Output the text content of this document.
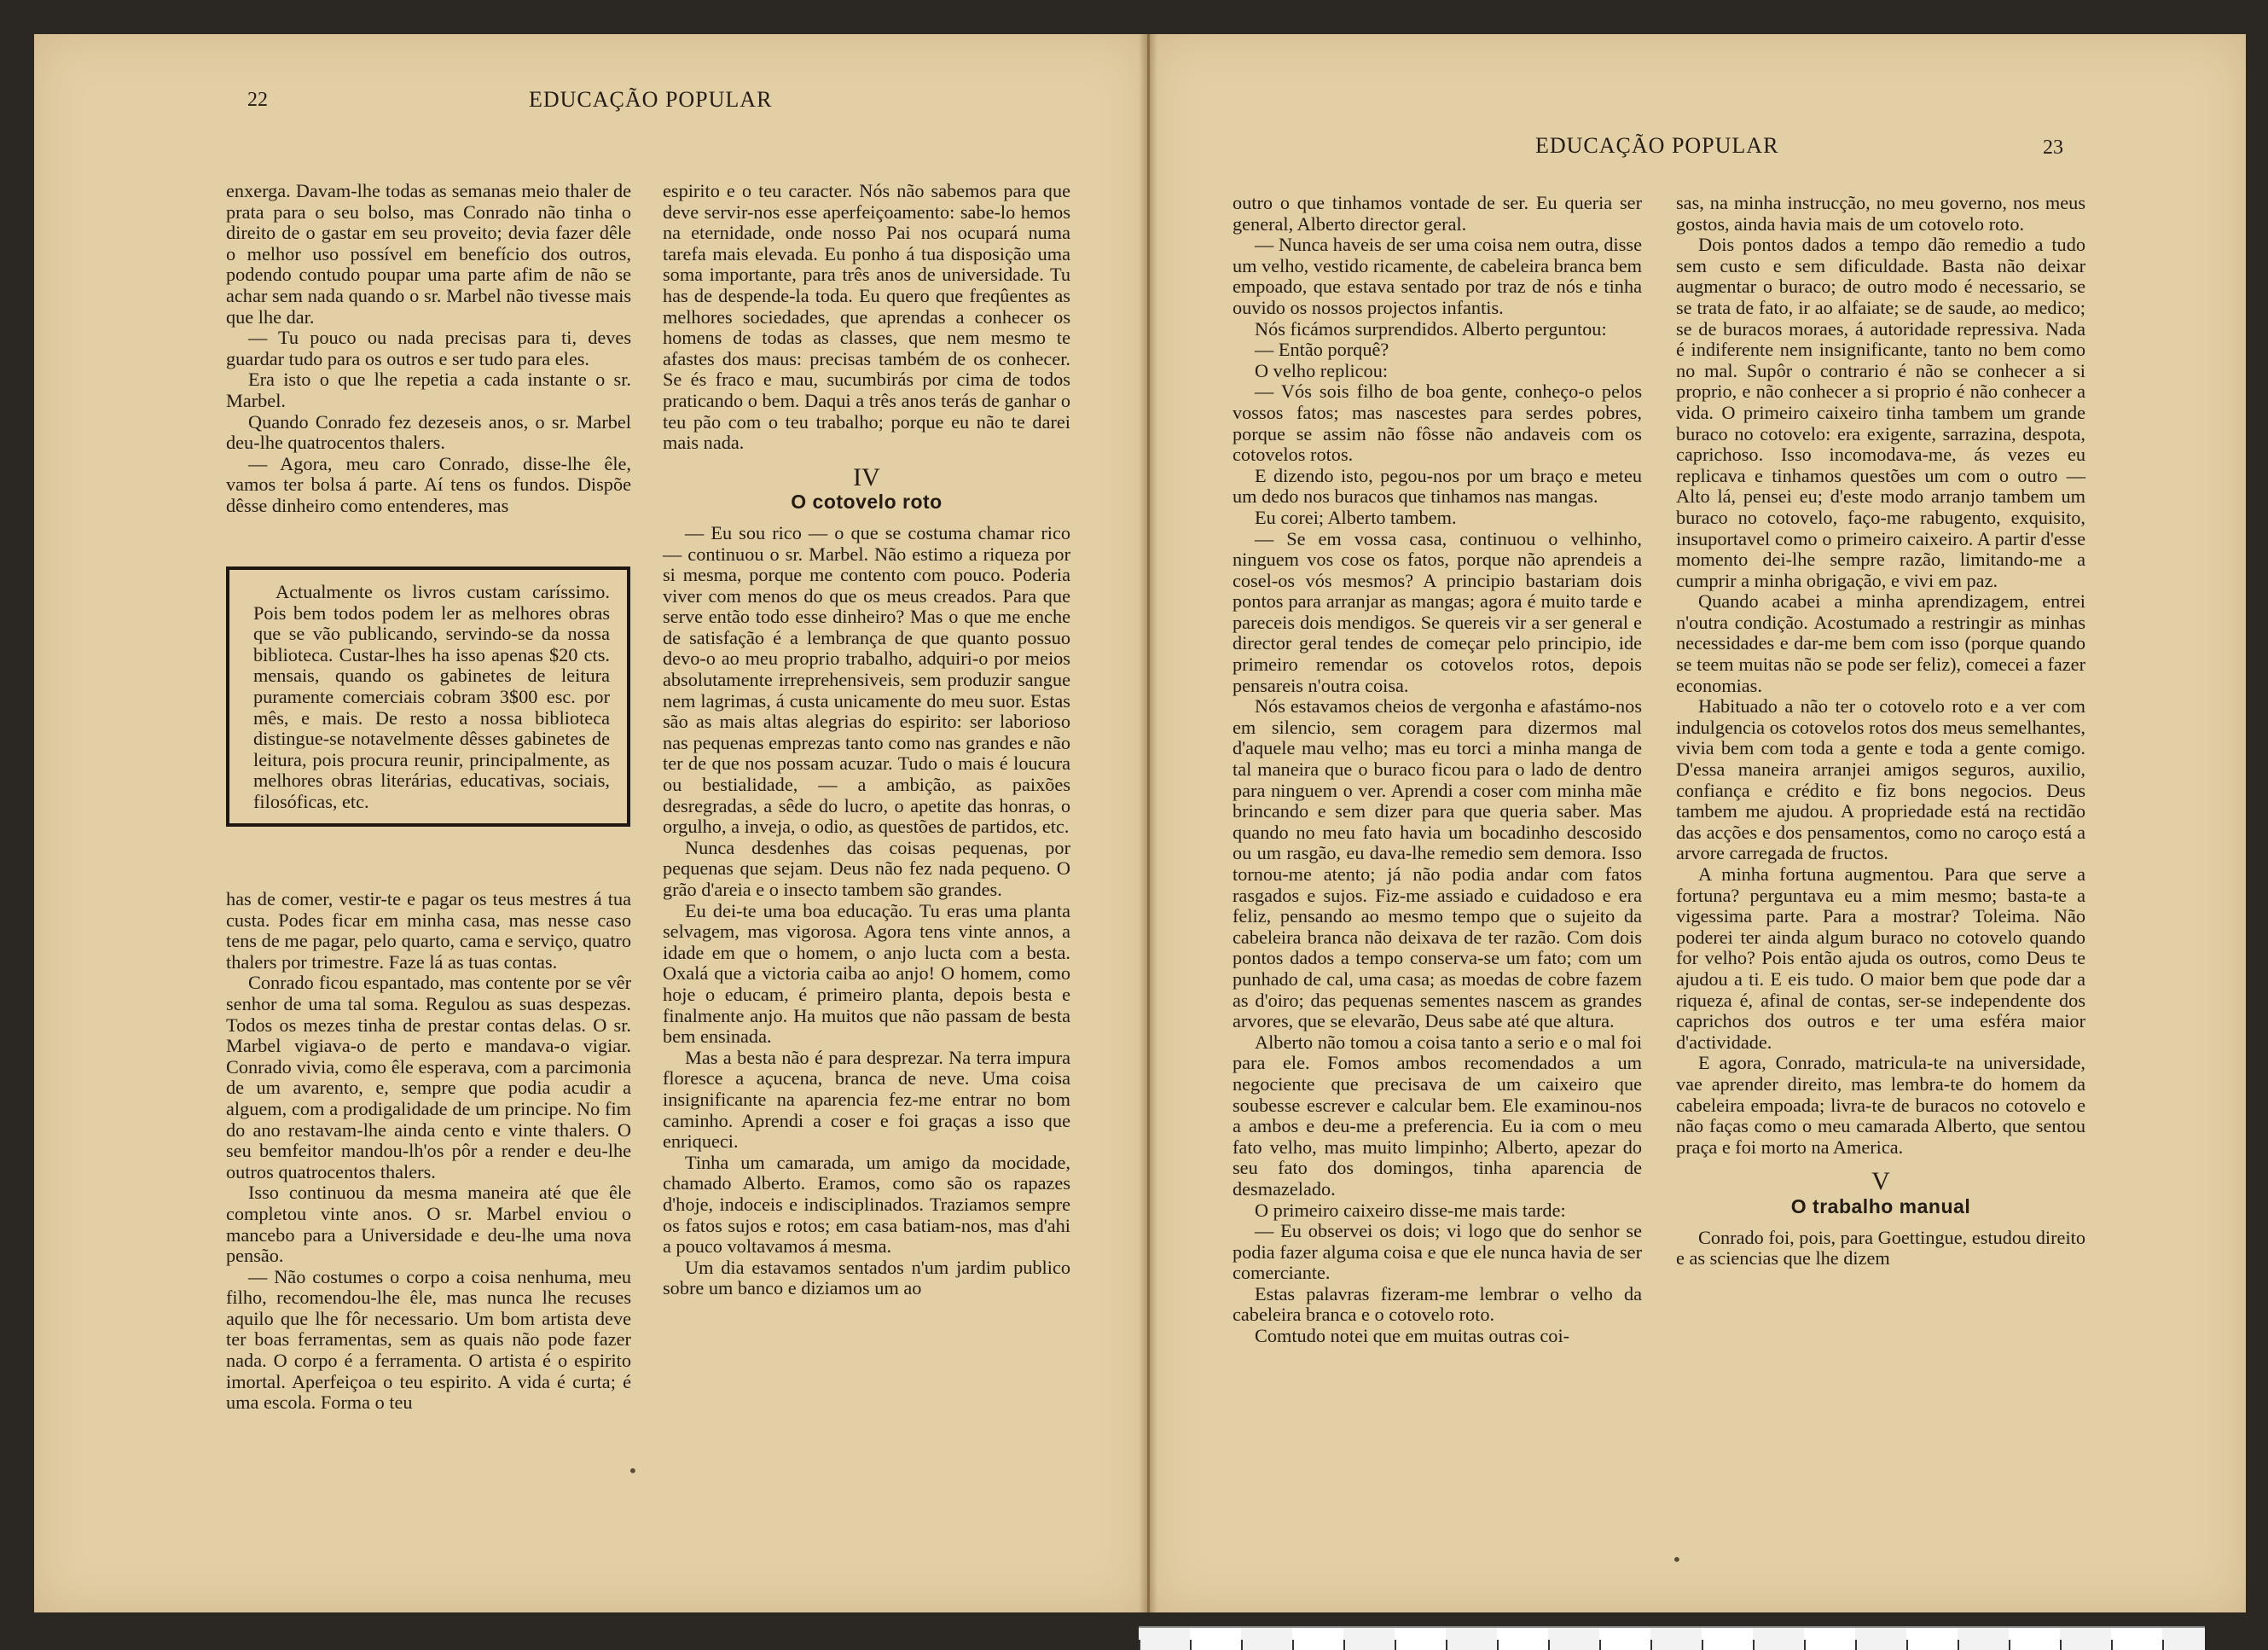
22	EDUCAÇÃO POPULAR

enxerga. Davam-lhe todas as semanas meio thaler de prata para o seu bolso, mas Conrado não tinha o direito de o gastar em seu proveito; devia fazer dêle o melhor uso possível em benefício dos outros, podendo contudo poupar uma parte afim de não se achar sem nada quando o sr. Marbel não tivesse mais que lhe dar.

— Tu pouco ou nada precisas para ti, deves guardar tudo para os outros e ser tudo para eles.

Era isto o que lhe repetia a cada instante o sr. Marbel.

Quando Conrado fez dezeseis anos, o sr. Marbel deu-lhe quatrocentos thalers.

— Agora, meu caro Conrado, disse-lhe êle, vamos ter bolsa á parte. Aí tens os fundos. Dispõe dêsse dinheiro como entenderes, mas

Actualmente os livros custam caríssimo. Pois bem todos podem ler as melhores obras que se vão publicando, servindo-se da nossa biblioteca. Custar-lhes ha isso apenas $20 cts. mensais, quando os gabinetes de leitura puramente comerciais cobram 3$00 esc. por mês, e mais. De resto a nossa biblioteca distingue-se notavelmente dêsses gabinetes de leitura, pois procura reunir, principalmente, as melhores obras literárias, educativas, sociais, filosóficas, etc.

has de comer, vestir-te e pagar os teus mestres á tua custa. Podes ficar em minha casa, mas nesse caso tens de me pagar, pelo quarto, cama e serviço, quatro thalers por trimestre. Faze lá as tuas contas.

Conrado ficou espantado, mas contente por se vêr senhor de uma tal soma. Regulou as suas despezas. Todos os mezes tinha de prestar contas delas. O sr. Marbel vigiava-o de perto e mandava-o vigiar. Conrado vivia, como êle esperava, com a parcimonia de um avarento, e, sempre que podia acudir a alguem, com a prodigalidade de um principe. No fim do ano restavam-lhe ainda cento e vinte thalers. O seu bemfeitor mandou-lh'os pôr a render e deu-lhe outros quatrocentos thalers.

Isso continuou da mesma maneira até que êle completou vinte anos. O sr. Marbel enviou o mancebo para a Universidade e deu-lhe uma nova pensão.

— Não costumes o corpo a coisa nenhuma, meu filho, recomendou-lhe êle, mas nunca lhe recuses aquilo que lhe fôr necessario. Um bom artista deve ter boas ferramentas, sem as quais não pode fazer nada. O corpo é a ferramenta. O artista é o espirito imortal. Aperfeiçoa o teu espirito. A vida é curta; é uma escola. Forma o teu

espirito e o teu caracter. Nós não sabemos para que deve servir-nos esse aperfeiçoamento: sabe-lo hemos na eternidade, onde nosso Pai nos ocupará numa tarefa mais elevada. Eu ponho á tua disposição uma soma importante, para três anos de universidade. Tu has de despende-la toda. Eu quero que freqûentes as melhores sociedades, que aprendas a conhecer os homens de todas as classes, que nem mesmo te afastes dos maus: precisas também de os conhecer. Se és fraco e mau, sucumbirás por cima de todos praticando o bem. Daqui a três anos terás de ganhar o teu pão com o teu trabalho; porque eu não te darei mais nada.

IV
O cotovelo roto

— Eu sou rico — o que se costuma chamar rico — continuou o sr. Marbel. Não estimo a riqueza por si mesma, porque me contento com pouco. Poderia viver com menos do que os meus creados. Para que serve então todo esse dinheiro? Mas o que me enche de satisfação é a lembrança de que quanto possuo devo-o ao meu proprio trabalho, adquiri-o por meios absolutamente irreprehensiveis, sem produzir sangue nem lagrimas, á custa unicamente do meu suor. Estas são as mais altas alegrias do espirito: ser laborioso nas pequenas emprezas tanto como nas grandes e não ter de que nos possam acuzar. Tudo o mais é loucura ou bestialidade, — a ambição, as paixões desregradas, a sêde do lucro, o apetite das honras, o orgulho, a inveja, o odio, as questões de partidos, etc.

Nunca desdenhes das coisas pequenas, por pequenas que sejam. Deus não fez nada pequeno. O grão d'areia e o insecto tambem são grandes.

Eu dei-te uma boa educação. Tu eras uma planta selvagem, mas vigorosa. Agora tens vinte annos, a idade em que o homem, o anjo lucta com a besta. Oxalá que a victoria caiba ao anjo! O homem, como hoje o educam, é primeiro planta, depois besta e finalmente anjo. Ha muitos que não passam de besta bem ensinada.

Mas a besta não é para desprezar. Na terra impura floresce a açucena, branca de neve. Uma coisa insignificante na aparencia fez-me entrar no bom caminho. Aprendi a coser e foi graças a isso que enriqueci.

Tinha um camarada, um amigo da mocidade, chamado Alberto. Eramos, como são os rapazes d'hoje, indoceis e indisciplinados. Traziamos sempre os fatos sujos e rotos; em casa batiam-nos, mas d'ahi a pouco voltavamos á mesma.

Um dia estavamos sentados n'um jardim publico sobre um banco e diziamos um ao

EDUCAÇÃO POPULAR	23

outro o que tinhamos vontade de ser. Eu queria ser general, Alberto director geral.

— Nunca haveis de ser uma coisa nem outra, disse um velho, vestido ricamente, de cabeleira branca bem empoado, que estava sentado por traz de nós e tinha ouvido os nossos projectos infantis.

Nós ficámos surprendidos. Alberto perguntou:

— Então porquê?

O velho replicou:

— Vós sois filho de boa gente, conheço-o pelos vossos fatos; mas nascestes para serdes pobres, porque se assim não fôsse não andaveis com os cotovelos rotos.

E dizendo isto, pegou-nos por um braço e meteu um dedo nos buracos que tinhamos nas mangas.

Eu corei; Alberto tambem.

— Se em vossa casa, continuou o velhinho, ninguem vos cose os fatos, porque não aprendeis a cosel-os vós mesmos? A principio bastariam dois pontos para arranjar as mangas; agora é muito tarde e pareceis dois mendigos. Se quereis vir a ser general e director geral tendes de começar pelo principio, ide primeiro remendar os cotovelos rotos, depois pensareis n'outra coisa.

Nós estavamos cheios de vergonha e afastámo-nos em silencio, sem coragem para dizermos mal d'aquele mau velho; mas eu torci a minha manga de tal maneira que o buraco ficou para o lado de dentro para ninguem o ver. Aprendi a coser com minha mãe brincando e sem dizer para que queria saber. Mas quando no meu fato havia um bocadinho descosido ou um rasgão, eu dava-lhe remedio sem demora. Isso tornou-me atento; já não podia andar com fatos rasgados e sujos. Fiz-me assiado e cuidadoso e era feliz, pensando ao mesmo tempo que o sujeito da cabeleira branca não deixava de ter razão. Com dois pontos dados a tempo conserva-se um fato; com um punhado de cal, uma casa; as moedas de cobre fazem as d'oiro; das pequenas sementes nascem as grandes arvores, que se elevarão, Deus sabe até que altura.

Alberto não tomou a coisa tanto a serio e o mal foi para ele. Fomos ambos recomendados a um negociente que precisava de um caixeiro que soubesse escrever e calcular bem. Ele examinou-nos a ambos e deu-me a preferencia. Eu ia com o meu fato velho, mas muito limpinho; Alberto, apezar do seu fato dos domingos, tinha aparencia de desmazelado.

O primeiro caixeiro disse-me mais tarde:

— Eu observei os dois; vi logo que do senhor se podia fazer alguma coisa e que ele nunca havia de ser comerciante.

Estas palavras fizeram-me lembrar o velho da cabeleira branca e o cotovelo roto.

Comtudo notei que em muitas outras coi-

sas, na minha instrucção, no meu governo, nos meus gostos, ainda havia mais de um cotovelo roto.

Dois pontos dados a tempo dão remedio a tudo sem custo e sem dificuldade. Basta não deixar augmentar o buraco; de outro modo é necessario, se se trata de fato, ir ao alfaiate; se de saude, ao medico; se de buracos moraes, á autoridade repressiva. Nada é indiferente nem insignificante, tanto no bem como no mal. Supôr o contrario é não se conhecer a si proprio, e não conhecer a si proprio é não conhecer a vida. O primeiro caixeiro tinha tambem um grande buraco no cotovelo: era exigente, sarrazina, despota, caprichoso. Isso incomodava-me, ás vezes eu replicava e tinhamos questões um com o outro — Alto lá, pensei eu; d'este modo arranjo tambem um buraco no cotovelo, faço-me rabugento, exquisito, insuportavel como o primeiro caixeiro. A partir d'esse momento dei-lhe sempre razão, limitando-me a cumprir a minha obrigação, e vivi em paz.

Quando acabei a minha aprendizagem, entrei n'outra condição. Acostumado a restringir as minhas necessidades e dar-me bem com isso (porque quando se teem muitas não se pode ser feliz), comecei a fazer economias.

Habituado a não ter o cotovelo roto e a ver com indulgencia os cotovelos rotos dos meus semelhantes, vivia bem com toda a gente e toda a gente comigo. D'essa maneira arranjei amigos seguros, auxilio, confiança e crédito e fiz bons negocios. Deus tambem me ajudou. A propriedade está na rectidão das acções e dos pensamentos, como no caroço está a arvore carregada de fructos.

A minha fortuna augmentou. Para que serve a fortuna? perguntava eu a mim mesmo; basta-te a vigessima parte. Para a mostrar? Toleima. Não poderei ter ainda algum buraco no cotovelo quando for velho? Pois então ajuda os outros, como Deus te ajudou a ti. E eis tudo. O maior bem que pode dar a riqueza é, afinal de contas, ser-se independente dos caprichos dos outros e ter uma esféra maior d'actividade.

E agora, Conrado, matricula-te na universidade, vae aprender direito, mas lembra-te do homem da cabeleira empoada; livra-te de buracos no cotovelo e não faças como o meu camarada Alberto, que sentou praça e foi morto na America.

V
O trabalho manual

Conrado foi, pois, para Goettingue, estudou direito e as sciencias que lhe dizem

•
•
